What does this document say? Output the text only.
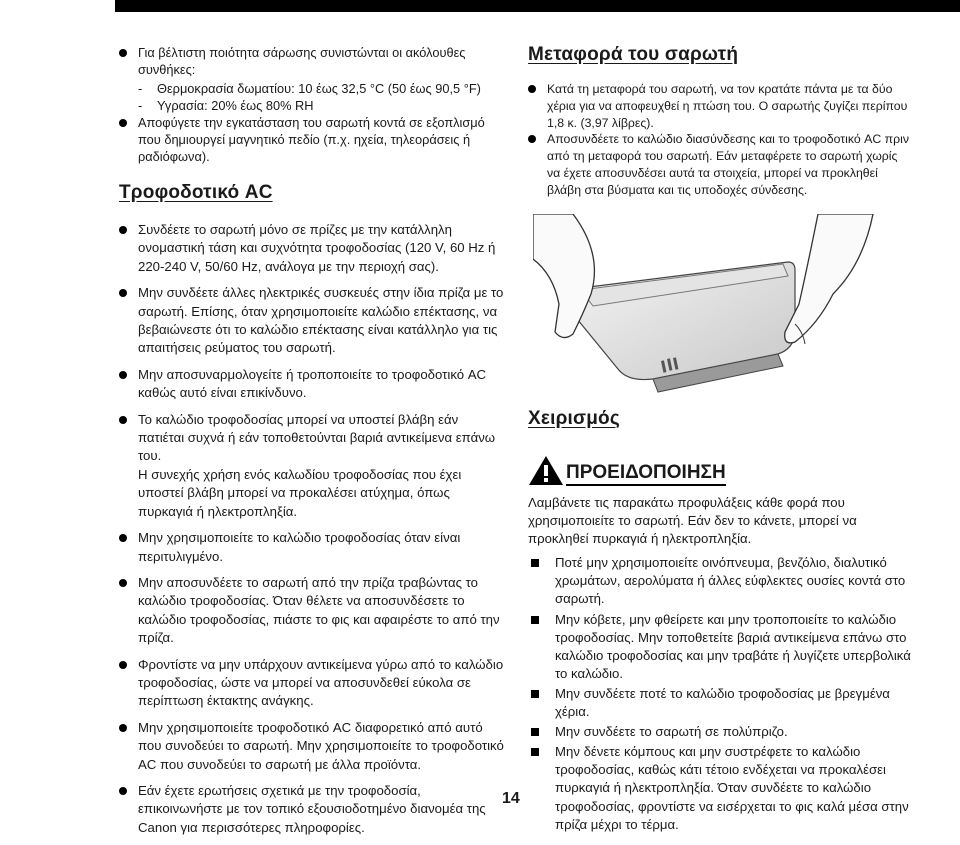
Για βέλτιστη ποιότητα σάρωσης συνιστώνται οι ακόλουθες συνθήκες:
-	Θερμοκρασία δωματίου: 10 έως 32,5 °C (50 έως 90,5 °F)
-	Υγρασία: 20% έως 80% RH
Αποφύγετε την εγκατάσταση του σαρωτή κοντά σε εξοπλισμό που δημιουργεί μαγνητικό πεδίο (π.χ. ηχεία, τηλεοράσεις ή ραδιόφωνα).
Τροφοδοτικό AC

Συνδέετε το σαρωτή μόνο σε πρίζες με την κατάλληλη ονομαστική τάση και συχνότητα τροφοδοσίας (120 V, 60 Hz ή 220-240 V, 50/60 Hz, ανάλογα με την περιοχή σας).

Μην συνδέετε άλλες ηλεκτρικές συσκευές στην ίδια πρίζα με το σαρωτή. Επίσης, όταν χρησιμοποιείτε καλώδιο επέκτασης, να βεβαιώνεστε ότι το καλώδιο επέκτασης είναι κατάλληλο για τις απαιτήσεις ρεύματος του σαρωτή.

Μην αποσυναρμολογείτε ή τροποποιείτε το τροφοδοτικό AC καθώς αυτό είναι επικίνδυνο.

Το καλώδιο τροφοδοσίας μπορεί να υποστεί βλάβη εάν πατιέται συχνά ή εάν τοποθετούνται βαριά αντικείμενα επάνω του.

Η συνεχής χρήση ενός καλωδίου τροφοδοσίας που έχει υποστεί βλάβη μπορεί να προκαλέσει ατύχημα, όπως πυρκαγιά ή ηλεκτροπληξία.

Μην χρησιμοποιείτε το καλώδιο τροφοδοσίας όταν είναι περιτυλιγμένο.

Μην αποσυνδέετε το σαρωτή από την πρίζα τραβώντας το καλώδιο τροφοδοσίας. Όταν θέλετε να αποσυνδέσετε το καλώδιο τροφοδοσίας, πιάστε το φις και αφαιρέστε το από την πρίζα.

Φροντίστε να μην υπάρχουν αντικείμενα γύρω από το καλώδιο τροφοδοσίας, ώστε να μπορεί να αποσυνδεθεί εύκολα σε περίπτωση έκτακτης ανάγκης.

Μην χρησιμοποιείτε τροφοδοτικό AC διαφορετικό από αυτό που συνοδεύει το σαρωτή. Μην χρησιμοποιείτε το τροφοδοτικό AC που συνοδεύει το σαρωτή με άλλα προϊόντα.

Εάν έχετε ερωτήσεις σχετικά με την τροφοδοσία, επικοινωνήστε με τον τοπικό εξουσιοδοτημένο διανομέα της Canon για περισσότερες πληροφορίες.

Μεταφορά του σαρωτή
Κατά τη μεταφορά του σαρωτή, να τον κρατάτε πάντα με τα δύο χέρια για να αποφευχθεί η πτώση του. Ο σαρωτής ζυγίζει περίπου 1,8 κ. (3,97 λίβρες).
Αποσυνδέετε το καλώδιο διασύνδεσης και το τροφοδοτικό AC πριν από τη μεταφορά του σαρωτή. Εάν μεταφέρετε το σαρωτή χωρίς να έχετε αποσυνδέσει αυτά τα στοιχεία, μπορεί να προκληθεί βλάβη στα βύσματα και τις υποδοχές σύνδεσης.
Χειρισμός
ΠΡΟΕΙΔΟΠΟΙΗΣΗ
Λαμβάνετε τις παρακάτω προφυλάξεις κάθε φορά που χρησιμοποιείτε το σαρωτή. Εάν δεν το κάνετε, μπορεί να προκληθεί πυρκαγιά ή ηλεκτροπληξία.
Ποτέ μην χρησιμοποιείτε οινόπνευμα, βενζόλιο, διαλυτικό χρωμάτων, αερολύματα ή άλλες εύφλεκτες ουσίες κοντά στο σαρωτή.
Μην κόβετε, μην φθείρετε και μην τροποποιείτε το καλώδιο τροφοδοσίας. Μην τοποθετείτε βαριά αντικείμενα επάνω στο καλώδιο τροφοδοσίας και μην τραβάτε ή λυγίζετε υπερβολικά το καλώδιο.
Μην συνδέετε ποτέ το καλώδιο τροφοδοσίας με βρεγμένα χέρια.
Μην συνδέετε το σαρωτή σε πολύπριζο.
Μην δένετε κόμπους και μην συστρέφετε το καλώδιο τροφοδοσίας, καθώς κάτι τέτοιο ενδέχεται να προκαλέσει πυρκαγιά ή ηλεκτροπληξία. Όταν συνδέετε το καλώδιο τροφοδοσίας, φροντίστε να εισέρχεται το φις καλά μέσα στην πρίζα μέχρι το τέρμα.
14
